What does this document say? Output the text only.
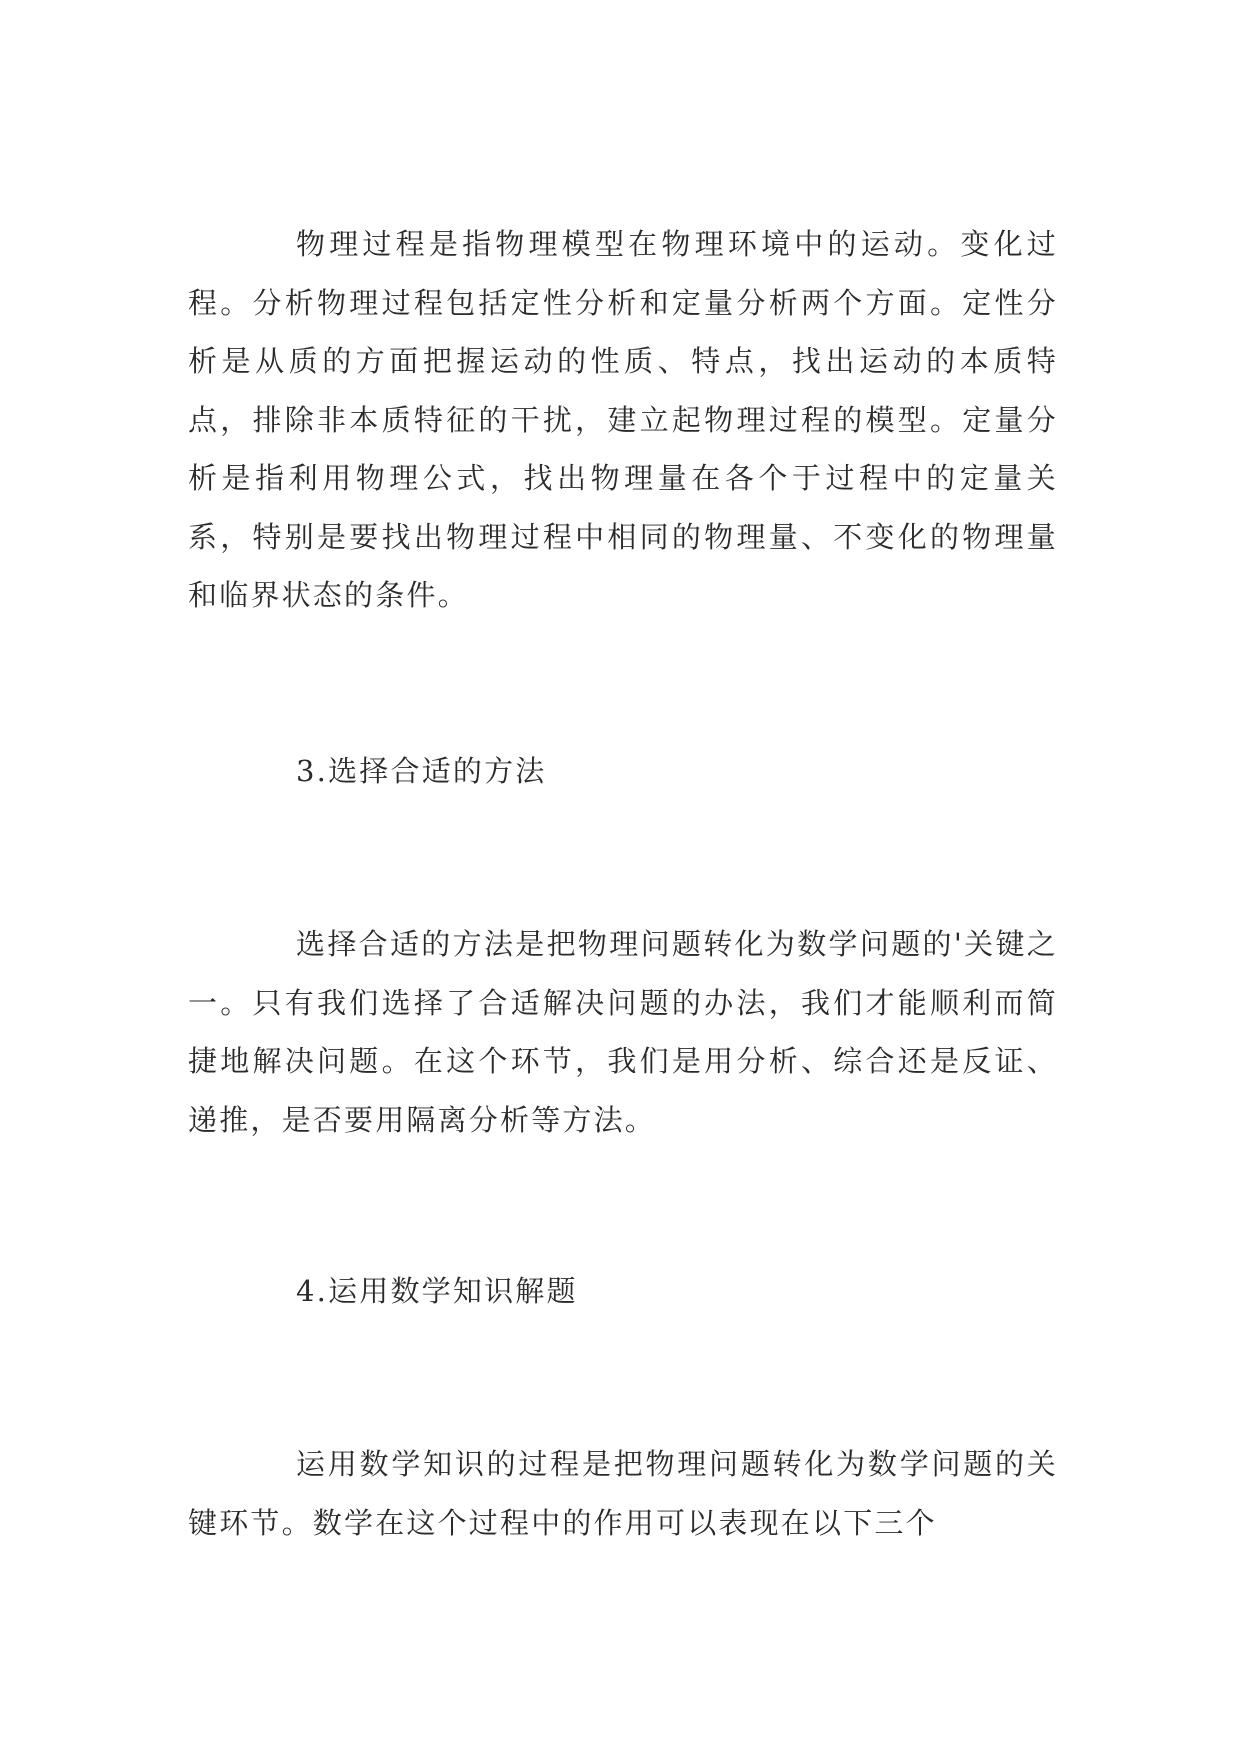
物理过程是指物理模型在物理环境中的运动。变化过程。分析物理过程包括定性分析和定量分析两个方面。定性分析是从质的方面把握运动的性质、特点，找出运动的本质特点，排除非本质特征的干扰，建立起物理过程的模型。定量分析是指利用物理公式，找出物理量在各个于过程中的定量关系，特别是要找出物理过程中相同的物理量、不变化的物理量和临界状态的条件。

3.选择合适的方法

选择合适的方法是把物理问题转化为数学问题的'关键之一。只有我们选择了合适解决问题的办法，我们才能顺利而简捷地解决问题。在这个环节，我们是用分析、综合还是反证、递推，是否要用隔离分析等方法。

4.运用数学知识解题

运用数学知识的过程是把物理问题转化为数学问题的关键环节。数学在这个过程中的作用可以表现在以下三个
